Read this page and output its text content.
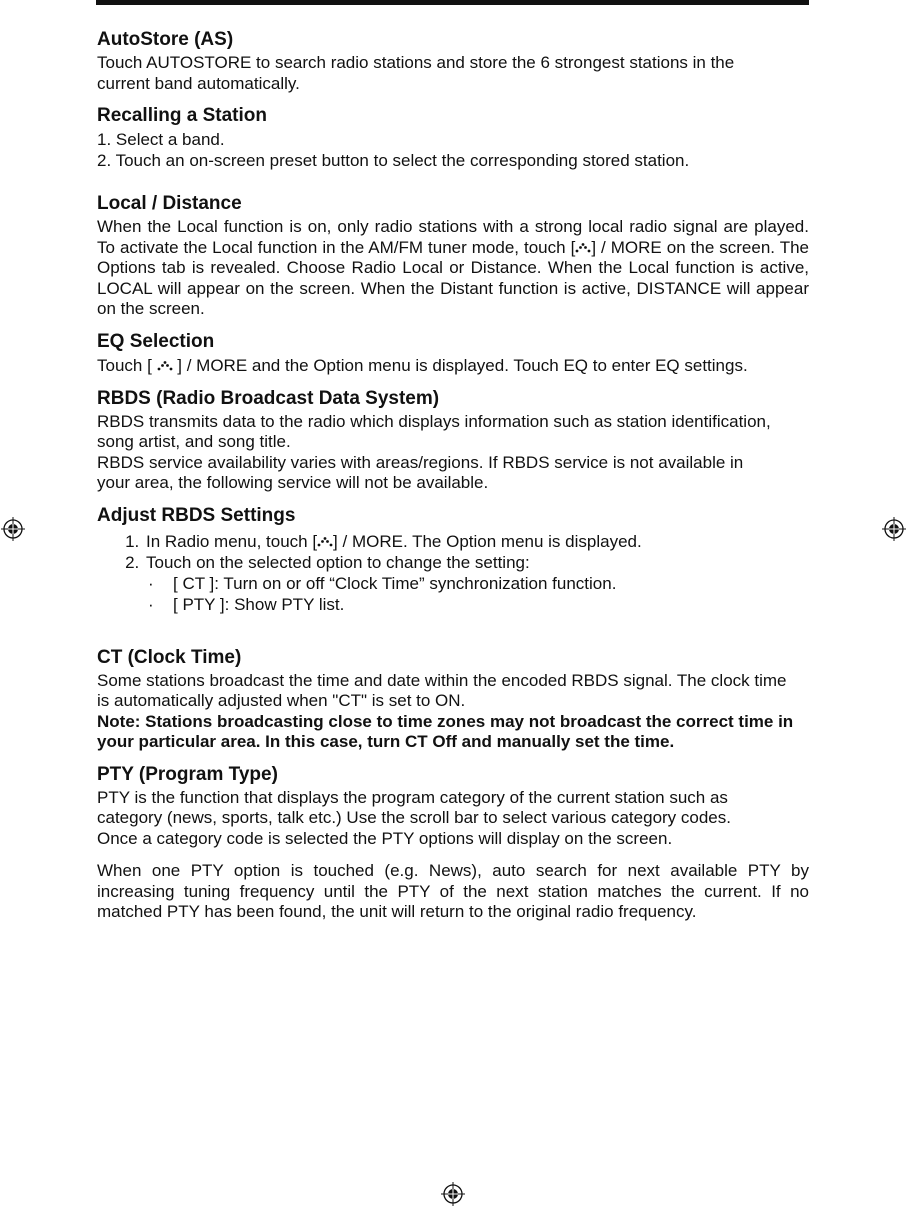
AutoStore (AS)

Touch AUTOSTORE to search radio stations and store the 6 strongest stations in the current band automatically.

Recalling a Station

1. Select a band.

2. Touch an on-screen preset button to select the corresponding stored station.

Local / Distance

When the Local function is on, only radio stations with a strong local radio signal are played. To activate the Local function in the AM/FM tuner mode, touch [ ] / MORE on the screen. The Options tab is revealed. Choose Radio Local or Distance. When the Local function is active, LOCAL will appear on the screen. When the Distant function is active, DISTANCE will appear on the screen.

EQ Selection

Touch [  ] / MORE and the Option menu is displayed. Touch EQ to enter EQ settings.

RBDS (Radio Broadcast Data System)

RBDS transmits data to the radio which displays information such as station identification, song artist, and song title.

RBDS service availability varies with areas/regions. If RBDS service is not available in your area, the following service will not be available.

Adjust RBDS Settings
1. In Radio menu, touch [ ] / MORE. The Option menu is displayed.
2. Touch on the selected option to change the setting:
· [ CT ]: Turn on or off “Clock Time” synchronization function.
· [ PTY ]: Show PTY list.
CT (Clock Time)

Some stations broadcast the time and date within the encoded RBDS signal. The clock time is automatically adjusted when "CT" is set to ON.

Note: Stations broadcasting close to time zones may not broadcast the correct time in your particular area. In this case, turn CT Off and manually set the time.

PTY (Program Type)

PTY is the function that displays the program category of the current station such as category (news, sports, talk etc.) Use the scroll bar to select various category codes.

Once a category code is selected the PTY options will display on the screen.

When one PTY option is touched (e.g. News), auto search for next available PTY by increasing tuning frequency until the PTY of the next station matches the current. If no matched PTY has been found, the unit will return to the original radio frequency.
